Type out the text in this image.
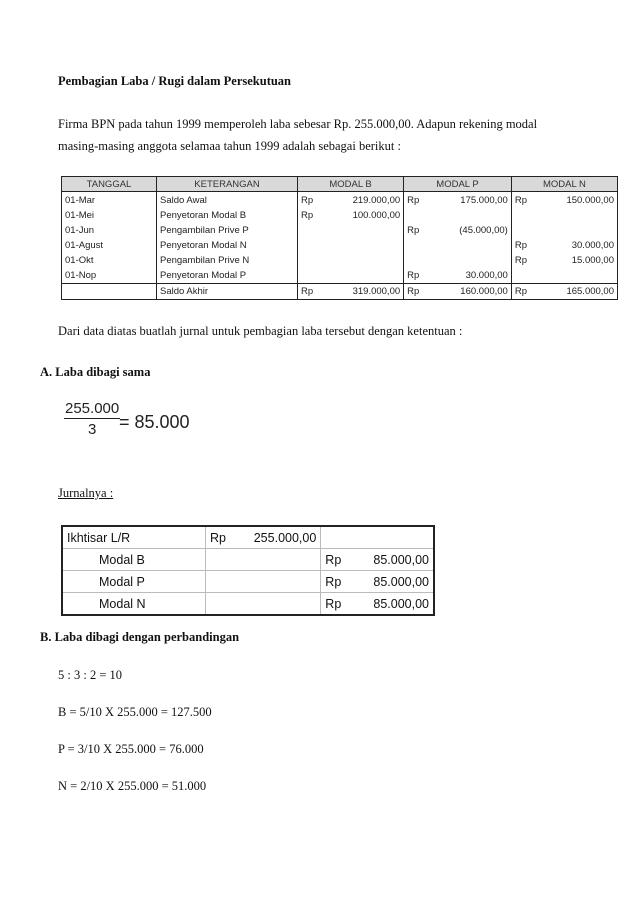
Pembagian Laba / Rugi dalam Persekutuan
Firma BPN pada tahun 1999 memperoleh laba sebesar Rp. 255.000,00. Adapun rekening modal
masing-masing anggota selamaa tahun 1999 adalah sebagai berikut :
TANGGAL	KETERANGAN	MODAL B		MODAL P		MODAL N	
01-Mar	Saldo Awal	Rp	219.000,00	Rp	175.000,00	Rp	150.000,00
01-Mei	Penyetoran Modal B	Rp	100.000,00				
01-Jun	Pengambilan Prive P			Rp	(45.000,00)		
01-Agust	Penyetoran Modal N					Rp	30.000,00
01-Okt	Pengambilan Prive N					Rp	15.000,00
01-Nop	Penyetoran Modal P			Rp	30.000,00		
	Saldo Akhir	Rp	319.000,00	Rp	160.000,00	Rp	165.000,00
Dari data diatas buatlah jurnal untuk pembagian laba tersebut dengan ketentuan :
A. Laba dibagi sama
$\frac{255.000}{3}$
= 85.000
Jurnalnya :
Ikhtisar L/R	Rp	255.000,00		
Modal B			Rp	85.000,00
Modal P			Rp	85.000,00
Modal N			Rp	85.000,00
B. Laba dibagi dengan perbandingan
5 : 3 : 2 = 10
B = 5/10 X 255.000 = 127.500
P = 3/10 X 255.000 = 76.000
N = 2/10 X 255.000 = 51.000
